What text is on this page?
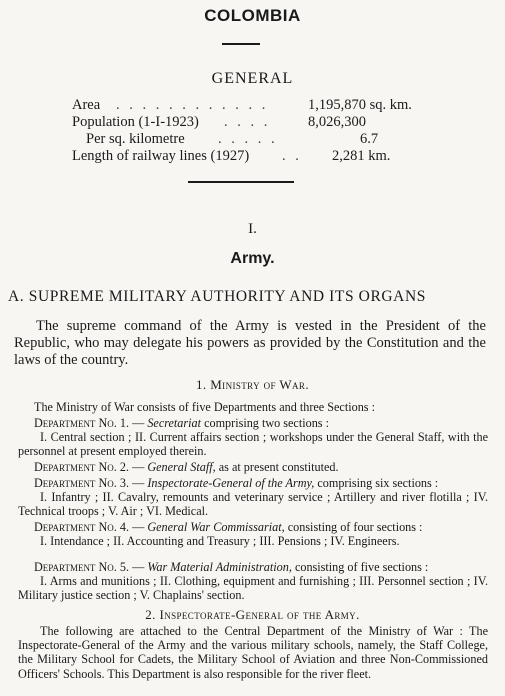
COLOMBIA
GENERAL
Area . . . . . . . . . . . .	1,195,870 sq. km.
Population (1-I-1923) . . . .	8,026,300
Per sq. kilometre . . . . .	6.7
Length of railway lines (1927) . . 2,281 km.
I.
Army.
A. SUPREME MILITARY AUTHORITY AND ITS ORGANS
The supreme command of the Army is vested in the President of the Republic, who may delegate his powers as provided by the Constitution and the laws of the country.
1. Ministry of War.
The Ministry of War consists of five Departments and three Sections :
Department No. 1. — Secretariat comprising two sections :
I. Central section ; II. Current affairs section ; workshops under the General Staff, with the personnel at present employed therein.
Department No. 2. — General Staff, as at present constituted.
Department No. 3. — Inspectorate-General of the Army, comprising six sections :
I. Infantry ; II. Cavalry, remounts and veterinary service ; Artillery and river flotilla ; IV. Technical troops ; V. Air ; VI. Medical.
Department No. 4. — General War Commissariat, consisting of four sections :
I. Intendance ; II. Accounting and Treasury ; III. Pensions ; IV. Engineers.
Department No. 5. — War Material Administration, consisting of five sections :
I. Arms and munitions ; II. Clothing, equipment and furnishing ; III. Personnel section ; IV. Military justice section ; V. Chaplains' section.
2. Inspectorate-General of the Army.
The following are attached to the Central Department of the Ministry of War : The Inspectorate-General of the Army and the various military schools, namely, the Staff College, the Military School for Cadets, the Military School of Aviation and three Non-Commissioned Officers' Schools. This Department is also responsible for the river fleet.
